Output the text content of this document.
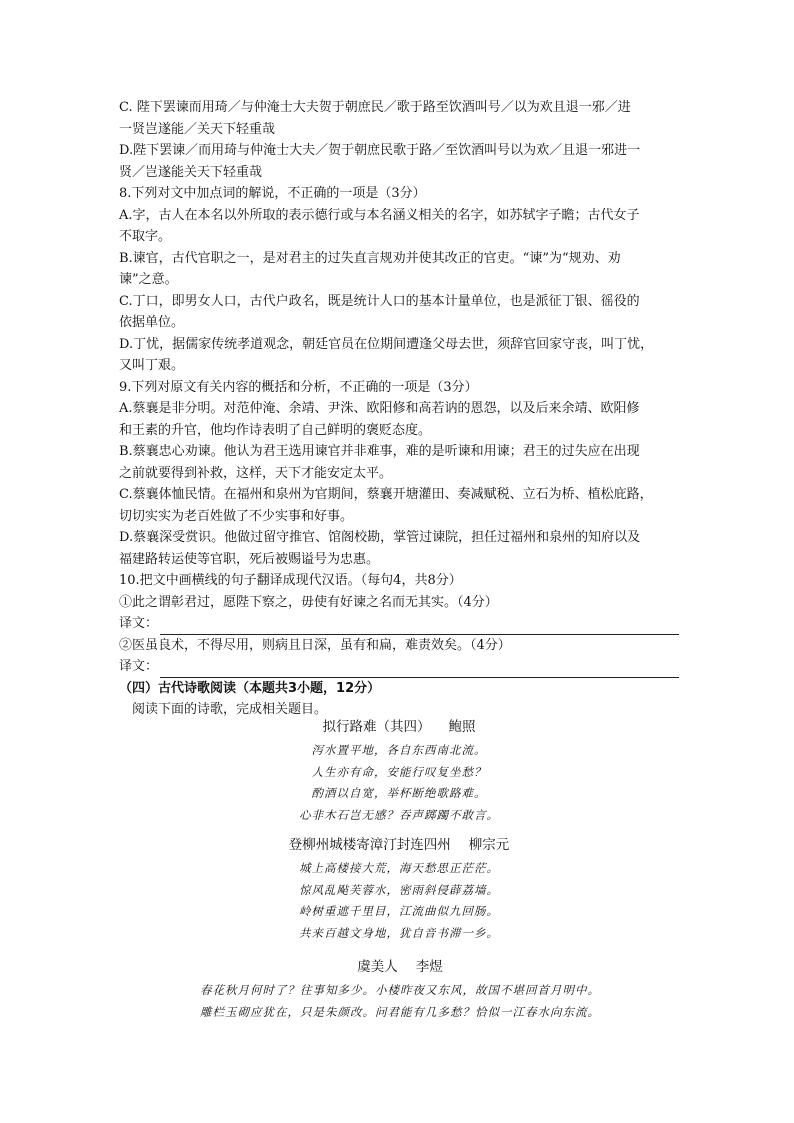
C. 陛下罢谏而用琦／与仲淹士大夫贺于朝庶民／歌于路至饮酒叫号／以为欢且退一邪／进
一贤岂遂能／关天下轻重哉
D.陛下罢谏／而用琦与仲淹士大夫／贺于朝庶民歌于路／至饮酒叫号以为欢／且退一邪进一
贤／岂遂能关天下轻重哉
8.下列对文中加点词的解说，不正确的一项是（3分）
A.字，古人在本名以外所取的表示德行或与本名涵义相关的名字，如苏轼字子瞻；古代女子
不取字。
B.谏官，古代官职之一，是对君主的过失直言规劝并使其改正的官吏。“谏”为“规劝、劝
谏”之意。
C.丁口，即男女人口，古代户政名，既是统计人口的基本计量单位，也是派征丁银、徭役的
依据单位。
D.丁忧，据儒家传统孝道观念，朝廷官员在位期间遭逢父母去世，须辞官回家守丧，叫丁忧，
又叫丁艰。
9.下列对原文有关内容的概括和分析，不正确的一项是（3分）
A.蔡襄是非分明。对范仲淹、余靖、尹洙、欧阳修和高若讷的恩怨，以及后来余靖、欧阳修
和王素的升官，他均作诗表明了自己鲜明的褒贬态度。
B.蔡襄忠心劝谏。他认为君王选用谏官并非难事，难的是听谏和用谏；君王的过失应在出现
之前就要得到补救，这样，天下才能安定太平。
C.蔡襄体恤民情。在福州和泉州为官期间，蔡襄开塘灌田、奏减赋税、立石为桥、植松庇路，
切切实实为老百姓做了不少实事和好事。
D.蔡襄深受赏识。他做过留守推官、馆阁校勘，掌管过谏院，担任过福州和泉州的知府以及
福建路转运使等官职，死后被赐谥号为忠惠。
10.把文中画横线的句子翻译成现代汉语。（每句4，共8分）
①此之谓彰君过，愿陛下察之，毋使有好谏之名而无其实。（4分）
译文：
②医虽良术，不得尽用，则病且日深，虽有和扁，难责效矣。（4分）
译文：
（四）古代诗歌阅读（本题共3小题，12分）
阅读下面的诗歌，完成相关题目。
拟行路难（其四） 鲍照
泻水置平地，各自东西南北流。
人生亦有命，安能行叹复坐愁？
酌酒以自宽，举杯断绝歌路难。
心非木石岂无感？吞声踯躅不敢言。
登柳州城楼寄漳汀封连四州 柳宗元
城上高楼接大荒，海天愁思正茫茫。
惊风乱飐芙蓉水，密雨斜侵薜荔墙。
岭树重遮千里目，江流曲似九回肠。
共来百越文身地，犹自音书滞一乡。
虞美人 李煜
春花秋月何时了？往事知多少。小楼昨夜又东风，故国不堪回首月明中。
雕栏玉砌应犹在，只是朱颜改。问君能有几多愁？恰似一江春水向东流。
